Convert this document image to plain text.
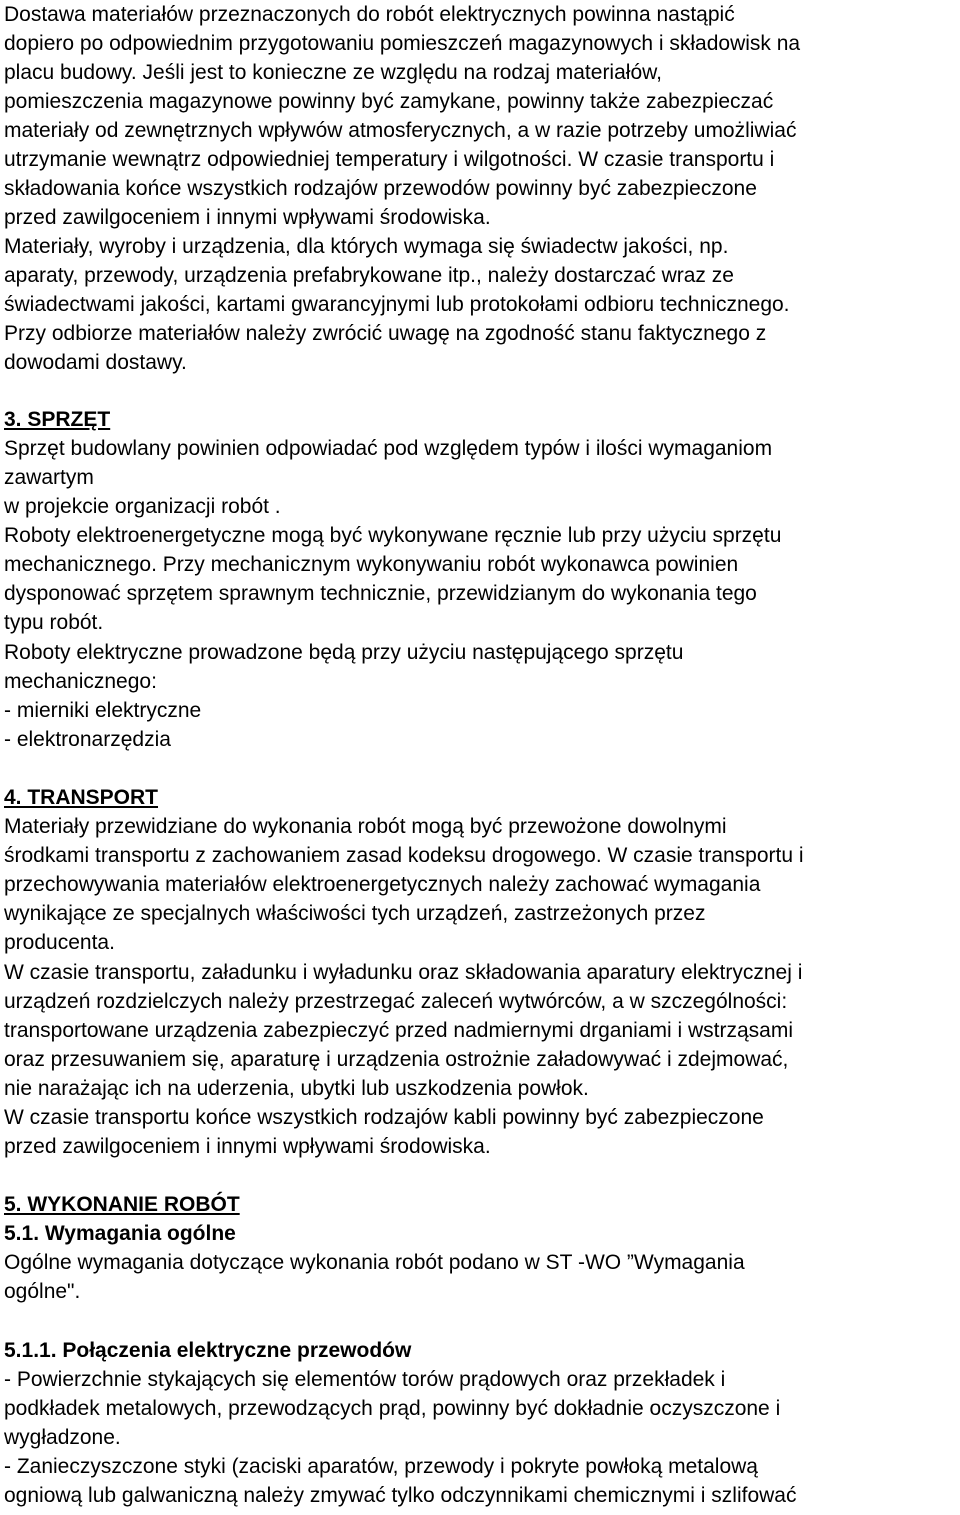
Dostawa materiałów przeznaczonych do robót elektrycznych powinna nastąpić
dopiero po odpowiednim przygotowaniu pomieszczeń magazynowych i składowisk na
placu budowy. Jeśli jest to konieczne ze względu na rodzaj materiałów,
pomieszczenia magazynowe powinny być zamykane, powinny także zabezpieczać
materiały od zewnętrznych wpływów atmosferycznych, a w razie potrzeby umożliwiać
utrzymanie wewnątrz odpowiedniej temperatury i wilgotności. W czasie transportu i
składowania końce wszystkich rodzajów przewodów powinny być zabezpieczone
przed zawilgoceniem i innymi wpływami środowiska.
Materiały, wyroby i urządzenia, dla których wymaga się świadectw jakości, np.
aparaty, przewody, urządzenia prefabrykowane itp., należy dostarczać wraz ze
świadectwami jakości, kartami gwarancyjnymi lub protokołami odbioru technicznego.
Przy odbiorze materiałów należy zwrócić uwagę na zgodność stanu faktycznego z
dowodami dostawy.
3. SPRZĘT
Sprzęt budowlany powinien odpowiadać pod względem typów i ilości wymaganiom
zawartym
w projekcie organizacji robót .
Roboty elektroenergetyczne mogą być wykonywane ręcznie lub przy użyciu sprzętu
mechanicznego. Przy mechanicznym wykonywaniu robót wykonawca powinien
dysponować sprzętem sprawnym technicznie, przewidzianym do wykonania tego
typu robót.
Roboty elektryczne prowadzone będą przy użyciu następującego sprzętu
mechanicznego:
- mierniki elektryczne
- elektronarzędzia
4. TRANSPORT
Materiały przewidziane do wykonania robót mogą być przewożone dowolnymi
środkami transportu z zachowaniem zasad kodeksu drogowego. W czasie transportu i
przechowywania materiałów elektroenergetycznych należy zachować wymagania
wynikające ze specjalnych właściwości tych urządzeń, zastrzeżonych przez
producenta.
W czasie transportu, załadunku i wyładunku oraz składowania aparatury elektrycznej i
urządzeń rozdzielczych należy przestrzegać zaleceń wytwórców, a w szczególności:
transportowane urządzenia zabezpieczyć przed nadmiernymi drganiami i wstrząsami
oraz przesuwaniem się, aparaturę i urządzenia ostrożnie załadowywać i zdejmować,
nie narażając ich na uderzenia, ubytki lub uszkodzenia powłok.
W czasie transportu końce wszystkich rodzajów kabli powinny być zabezpieczone
przed zawilgoceniem i innymi wpływami środowiska.
5. WYKONANIE ROBÓT
5.1. Wymagania ogólne
Ogólne wymagania dotyczące wykonania robót podano w ST -WO ”Wymagania
ogólne".
5.1.1. Połączenia elektryczne przewodów
- Powierzchnie stykających się elementów torów prądowych oraz przekładek i
podkładek metalowych, przewodzących prąd, powinny być dokładnie oczyszczone i
wygładzone.
- Zanieczyszczone styki (zaciski aparatów, przewody i pokryte powłoką metalową
ogniową lub galwaniczną należy zmywać tylko odczynnikami chemicznymi i szlifować
